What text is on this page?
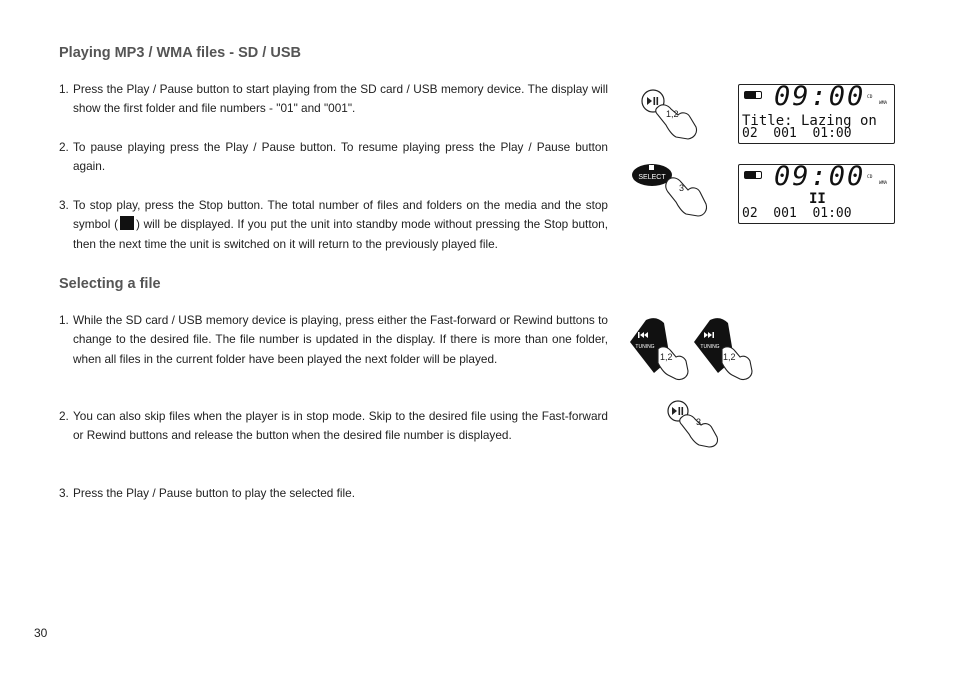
Playing MP3 / WMA files - SD / USB
1. Press the Play / Pause button to start playing from the SD card / USB memory device. The display will show the first folder and file numbers - "01" and "001".
2. To pause playing press the Play / Pause button. To resume playing press the Play / Pause button again.
3. To stop play, press the Stop button. The total number of files and folders on the media and the stop symbol ( ) will be displayed. If you put the unit into standby mode without pressing the Stop button, then the next time the unit is switched on it will return to the previously played file.
Selecting a file
1. While the SD card / USB memory device is playing, press either the Fast-forward or Rewind buttons to change to the desired file. The file number is updated in the display. If there is more than one folder, when all files in the current folder have been played the next folder will be played.
2. You can also skip files when the player is in stop mode. Skip to the desired file using the Fast-forward or Rewind buttons and release the button when the desired file number is displayed.
3. Press the Play / Pause button to play the selected file.
30
1,2
09:00 CD
WMA
Title: Lazing on
02  001  01:00
SELECT
3	09:00 CD
WMA
II
02  001  01:00
TUNING
1,2
TUNING
1,2
3
